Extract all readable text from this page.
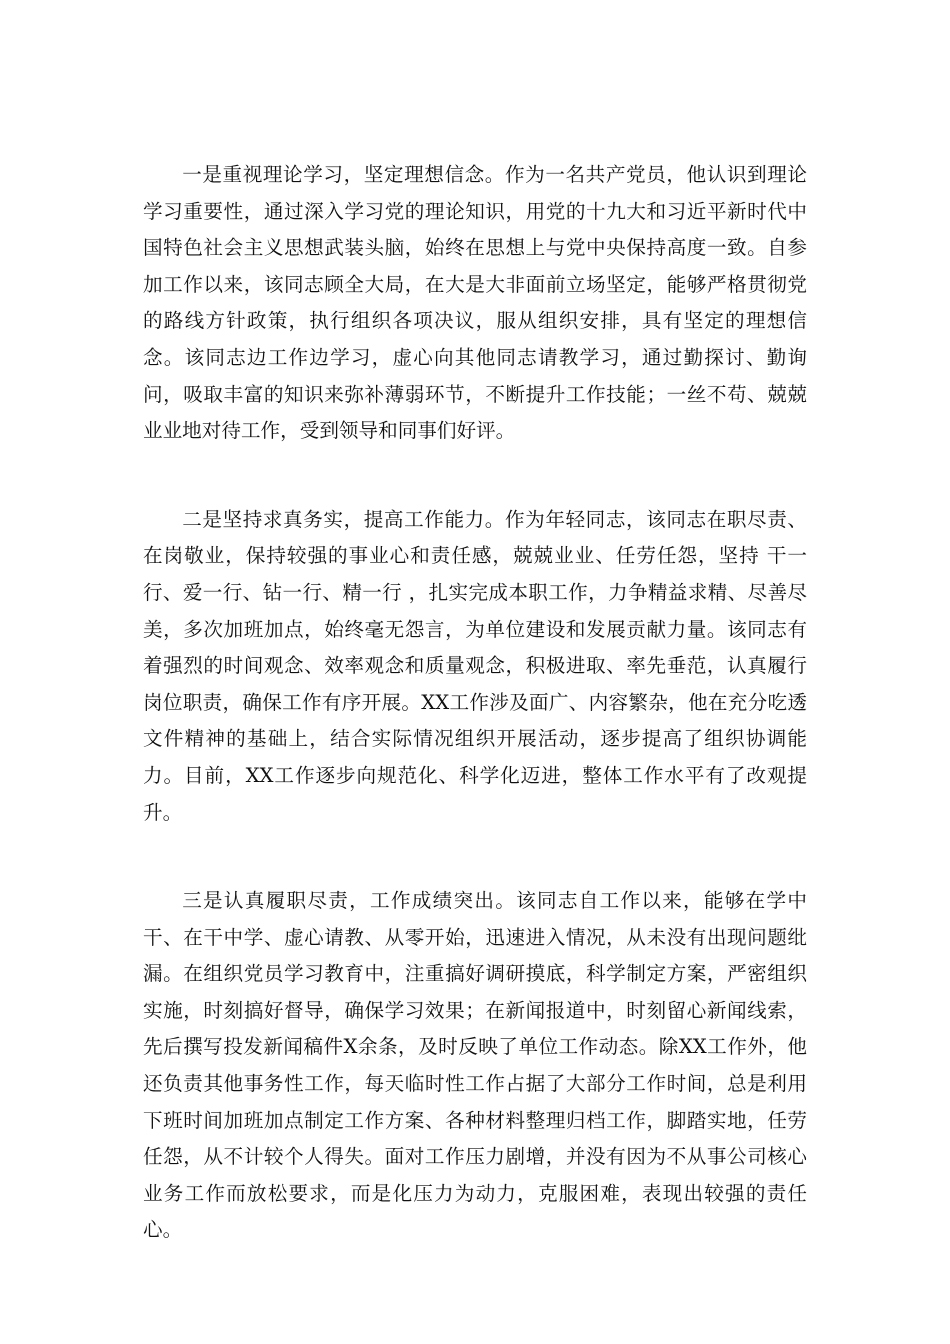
一是重视理论学习，坚定理想信念。作为一名共产党员，他认识到理论学习重要性，通过深入学习党的理论知识，用党的十九大和习近平新时代中国特色社会主义思想武装头脑，始终在思想上与党中央保持高度一致。自参加工作以来，该同志顾全大局，在大是大非面前立场坚定，能够严格贯彻党的路线方针政策，执行组织各项决议，服从组织安排，具有坚定的理想信念。该同志边工作边学习，虚心向其他同志请教学习，通过勤探讨、勤询问，吸取丰富的知识来弥补薄弱环节，不断提升工作技能；一丝不苟、兢兢业业地对待工作，受到领导和同事们好评。

二是坚持求真务实，提高工作能力。作为年轻同志，该同志在职尽责、在岗敬业，保持较强的事业心和责任感，兢兢业业、任劳任怨，坚持 干一行、爱一行、钻一行、精一行 ，扎实完成本职工作，力争精益求精、尽善尽美，多次加班加点，始终毫无怨言，为单位建设和发展贡献力量。该同志有着强烈的时间观念、效率观念和质量观念，积极进取、率先垂范，认真履行岗位职责，确保工作有序开展。XX工作涉及面广、内容繁杂，他在充分吃透文件精神的基础上，结合实际情况组织开展活动，逐步提高了组织协调能力。目前，XX工作逐步向规范化、科学化迈进，整体工作水平有了改观提升。

三是认真履职尽责，工作成绩突出。该同志自工作以来，能够在学中干、在干中学、虚心请教、从零开始，迅速进入情况，从未没有出现问题纰漏。在组织党员学习教育中，注重搞好调研摸底，科学制定方案，严密组织实施，时刻搞好督导，确保学习效果；在新闻报道中，时刻留心新闻线索，先后撰写投发新闻稿件X余条，及时反映了单位工作动态。除XX工作外，他还负责其他事务性工作，每天临时性工作占据了大部分工作时间，总是利用下班时间加班加点制定工作方案、各种材料整理归档工作，脚踏实地，任劳任怨，从不计较个人得失。面对工作压力剧增，并没有因为不从事公司核心业务工作而放松要求，而是化压力为动力，克服困难，表现出较强的责任心。
